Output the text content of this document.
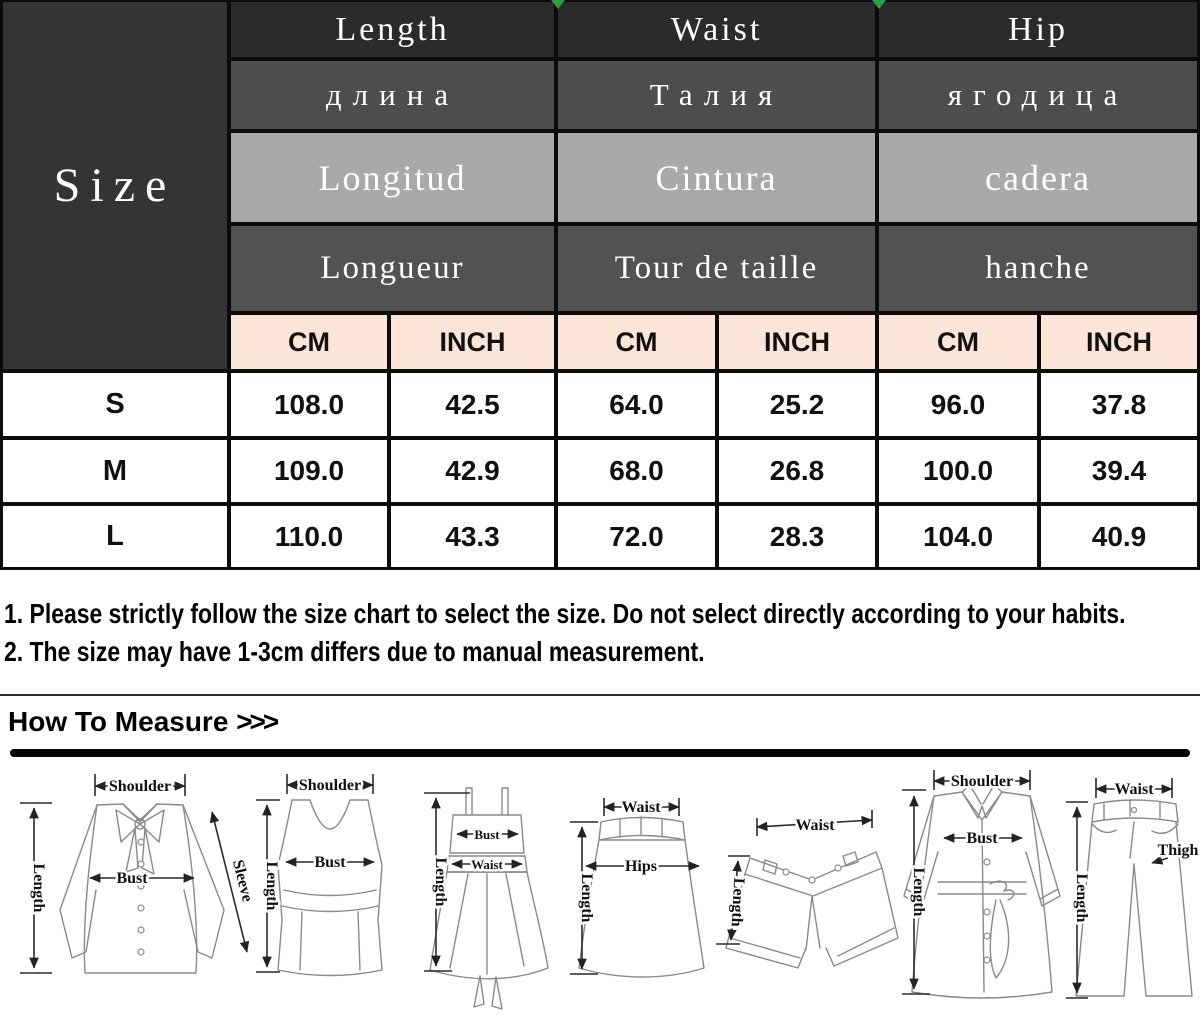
Size
Length	Waist	Hip
длина	Талия	ягодица
Longitud	Cintura	cadera
Longueur	Tour de taille	hanche
CM	INCH	CM	INCH	CM	INCH
S	108.0	42.5	64.0	25.2	96.0	37.8
M	109.0	42.9	68.0	26.8	100.0	39.4
L	110.0	43.3	72.0	28.3	104.0	40.9
1. Please strictly follow the size chart to select the size. Do not select directly according to your habits.
2. The size may have 1-3cm differs due to manual measurement.
How To Measure >>>
Shoulder
Length	Bust	Sleeve
Shoulder
Length Bust
Bust
Waist
Length
Waist
Hips
Length
Waist
Length
Shoulder
Bust
Length
Waist
Length
Thigh
